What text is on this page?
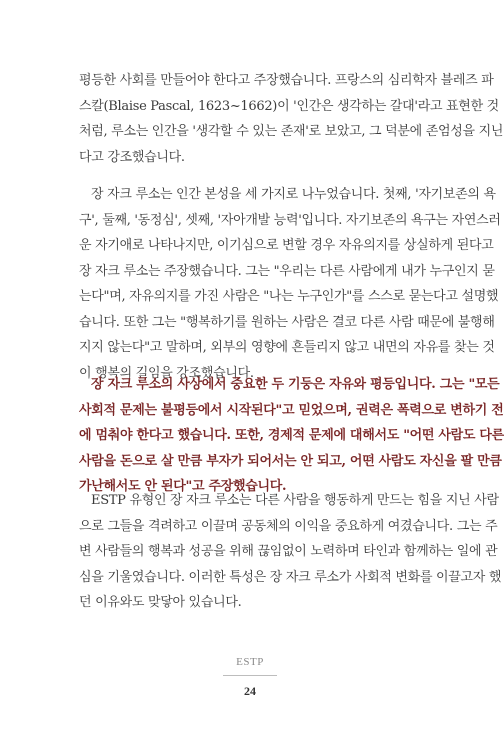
평등한 사회를 만들어야 한다고 주장했습니다. 프랑스의 심리학자 블레즈 파
스칼(Blaise Pascal, 1623~1662)이 '인간은 생각하는 갈대'라고 표현한 것
처럼, 루소는 인간을 '생각할 수 있는 존재'로 보았고, 그 덕분에 존엄성을 지닌
다고 강조했습니다.
장 자크 루소는 인간 본성을 세 가지로 나누었습니다. 첫째, '자기보존의 욕
구', 둘째, '동정심', 셋째, '자아개발 능력'입니다. 자기보존의 욕구는 자연스러
운 자기애로 나타나지만, 이기심으로 변할 경우 자유의지를 상실하게 된다고
장 자크 루소는 주장했습니다. 그는 "우리는 다른 사람에게 내가 누구인지 묻
는다"며, 자유의지를 가진 사람은 "나는 누구인가"를 스스로 묻는다고 설명했
습니다. 또한 그는 "행복하기를 원하는 사람은 결코 다른 사람 때문에 불행해
지지 않는다"고 말하며, 외부의 영향에 흔들리지 않고 내면의 자유를 찾는 것
이 행복의 길임을 강조했습니다.
장 자크 루소의 사상에서 중요한 두 기둥은 자유와 평등입니다. 그는 "모든
사회적 문제는 불평등에서 시작된다"고 믿었으며, 권력은 폭력으로 변하기 전
에 멈춰야 한다고 했습니다. 또한, 경제적 문제에 대해서도 "어떤 사람도 다른
사람을 돈으로 살 만큼 부자가 되어서는 안 되고, 어떤 사람도 자신을 팔 만큼
가난해서도 안 된다"고 주장했습니다.
ESTP 유형인 장 자크 루소는 다른 사람을 행동하게 만드는 힘을 지닌 사람
으로 그들을 격려하고 이끌며 공동체의 이익을 중요하게 여겼습니다. 그는 주
변 사람들의 행복과 성공을 위해 끊임없이 노력하며 타인과 함께하는 일에 관
심을 기울였습니다. 이러한 특성은 장 자크 루소가 사회적 변화를 이끌고자 했
던 이유와도 맞닿아 있습니다.
ESTP
24
